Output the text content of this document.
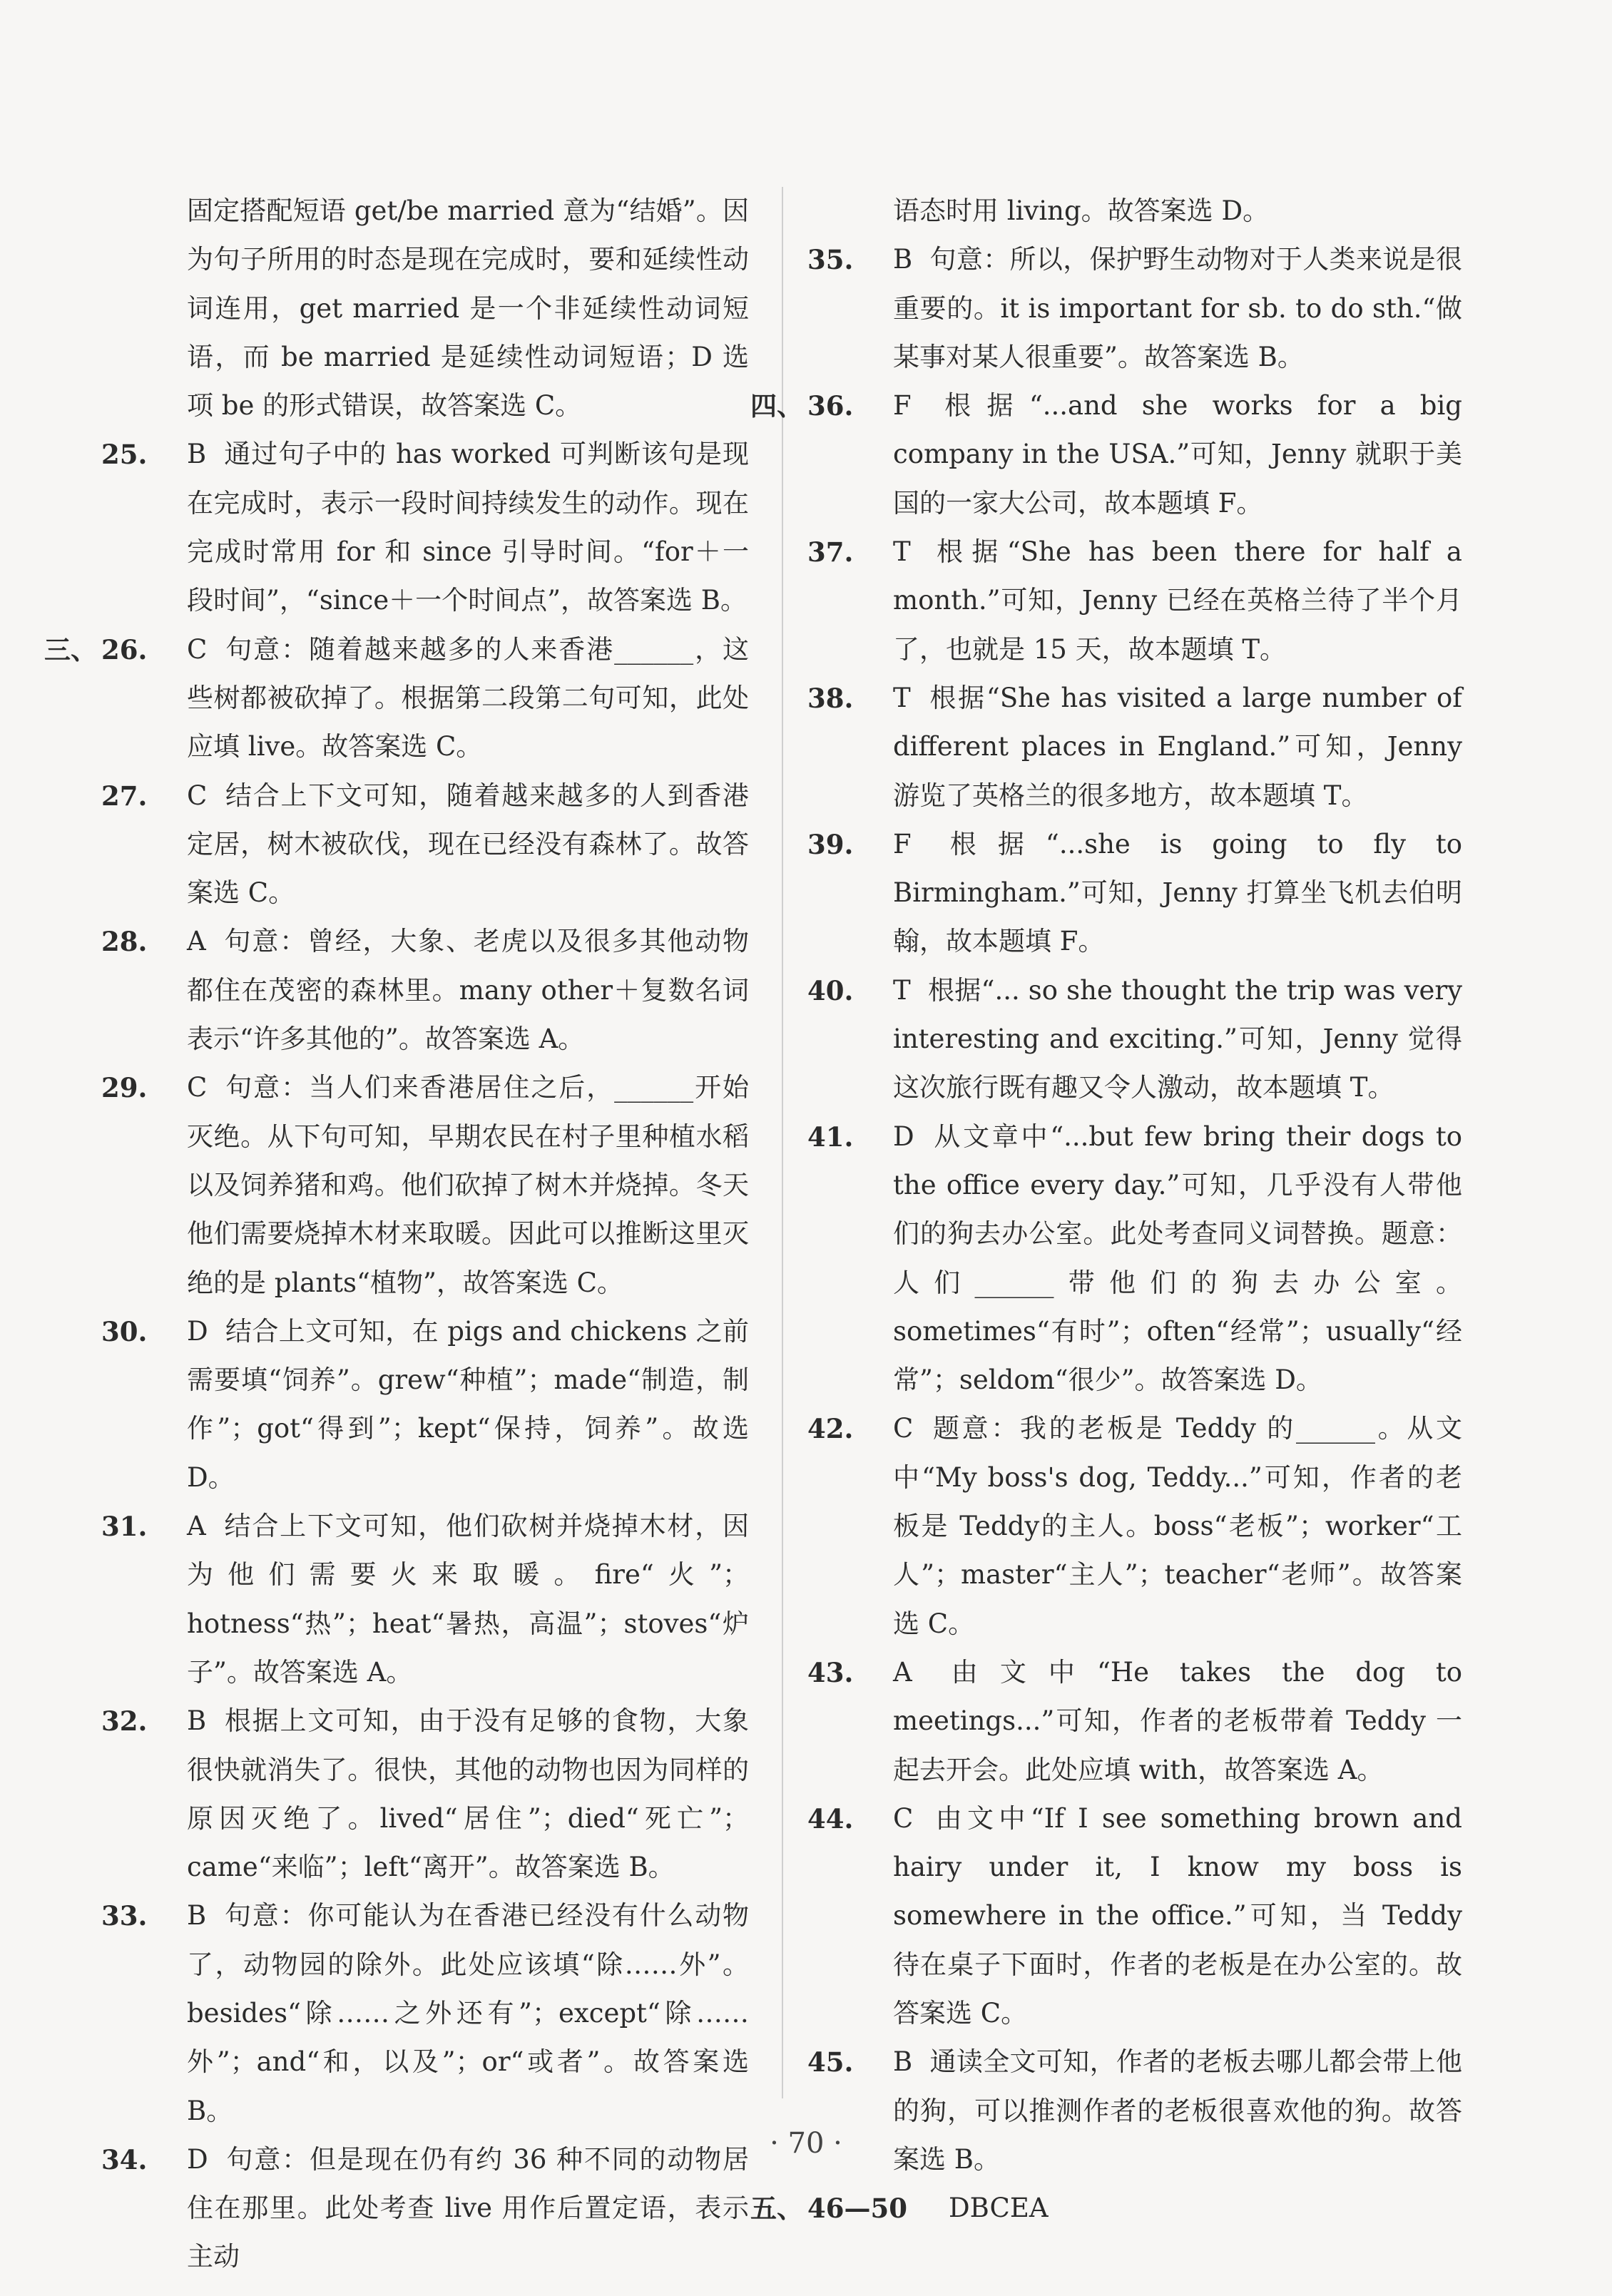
固定搭配短语 get/be married 意为“结婚”。因为句子所用的时态是现在完成时，要和延续性动词连用，get married 是一个非延续性动词短语，而 be married 是延续性动词短语；D 选项 be 的形式错误，故答案选 C。
25.	B 通过句子中的 has worked 可判断该句是现在完成时，表示一段时间持续发生的动作。现在完成时常用 for 和 since 引导时间。“for＋一段时间”，“since＋一个时间点”，故答案选 B。
三、 26.	C 句意：随着越来越多的人来香港______，这些树都被砍掉了。根据第二段第二句可知，此处应填 live。故答案选 C。
27.	C 结合上下文可知，随着越来越多的人到香港定居，树木被砍伐，现在已经没有森林了。故答案选 C。
28.	A 句意：曾经，大象、老虎以及很多其他动物都住在茂密的森林里。many other＋复数名词表示“许多其他的”。故答案选 A。
29.	C 句意：当人们来香港居住之后，______开始灭绝。从下句可知，早期农民在村子里种植水稻以及饲养猪和鸡。他们砍掉了树木并烧掉。冬天他们需要烧掉木材来取暖。因此可以推断这里灭绝的是 plants“植物”，故答案选 C。
30.	D 结合上文可知，在 pigs and chickens 之前需要填“饲养”。grew“种植”；made“制造，制作”；got“得到”；kept“保持，饲养”。故选 D。
31.	A 结合上下文可知，他们砍树并烧掉木材，因为他们需要火来取暖。fire“火”；hotness“热”；heat“暑热，高温”；stoves“炉子”。故答案选 A。
32.	B 根据上文可知，由于没有足够的食物，大象很快就消失了。很快，其他的动物也因为同样的原因灭绝了。lived“居住”；died“死亡”；came“来临”；left“离开”。故答案选 B。
33.	B 句意：你可能认为在香港已经没有什么动物了，动物园的除外。此处应该填“除……外”。besides“除……之外还有”；except“除……外”；and“和，以及”；or“或者”。故答案选 B。
34.	D 句意：但是现在仍有约 36 种不同的动物居住在那里。此处考查 live 用作后置定语，表示主动
语态时用 living。故答案选 D。
35.	B 句意：所以，保护野生动物对于人类来说是很重要的。it is important for sb. to do sth.“做某事对某人很重要”。故答案选 B。
四、 36.	F 根据“...and she works for a big company in the USA.”可知，Jenny 就职于美国的一家大公司，故本题填 F。
37.	T 根据“She has been there for half a month.”可知，Jenny 已经在英格兰待了半个月了，也就是 15 天，故本题填 T。
38.	T 根据“She has visited a large number of different places in England.”可知，Jenny 游览了英格兰的很多地方，故本题填 T。
39.	F 根据“...she is going to fly to Birmingham.”可知，Jenny 打算坐飞机去伯明翰，故本题填 F。
40.	T 根据“... so she thought the trip was very interesting and exciting.”可知，Jenny 觉得这次旅行既有趣又令人激动，故本题填 T。
41.	D 从文章中“...but few bring their dogs to the office every day.”可知，几乎没有人带他们的狗去办公室。此处考查同义词替换。题意：人们______带他们的狗去办公室。sometimes“有时”；often“经常”；usually“经常”；seldom“很少”。故答案选 D。
42.	C 题意：我的老板是 Teddy 的______。从文中“My boss's dog, Teddy...”可知，作者的老板是 Teddy的主人。boss“老板”；worker“工人”；master“主人”；teacher“老师”。故答案选 C。
43.	A 由文中“He takes the dog to meetings...”可知，作者的老板带着 Teddy 一起去开会。此处应填 with，故答案选 A。
44.	C 由文中“If I see something brown and hairy under it, I know my boss is somewhere in the office.”可知，当 Teddy 待在桌子下面时，作者的老板是在办公室的。故答案选 C。
45.	B 通读全文可知，作者的老板去哪儿都会带上他的狗，可以推测作者的老板很喜欢他的狗。故答案选 B。
五、 46—50	DBCEA
· 70 ·
